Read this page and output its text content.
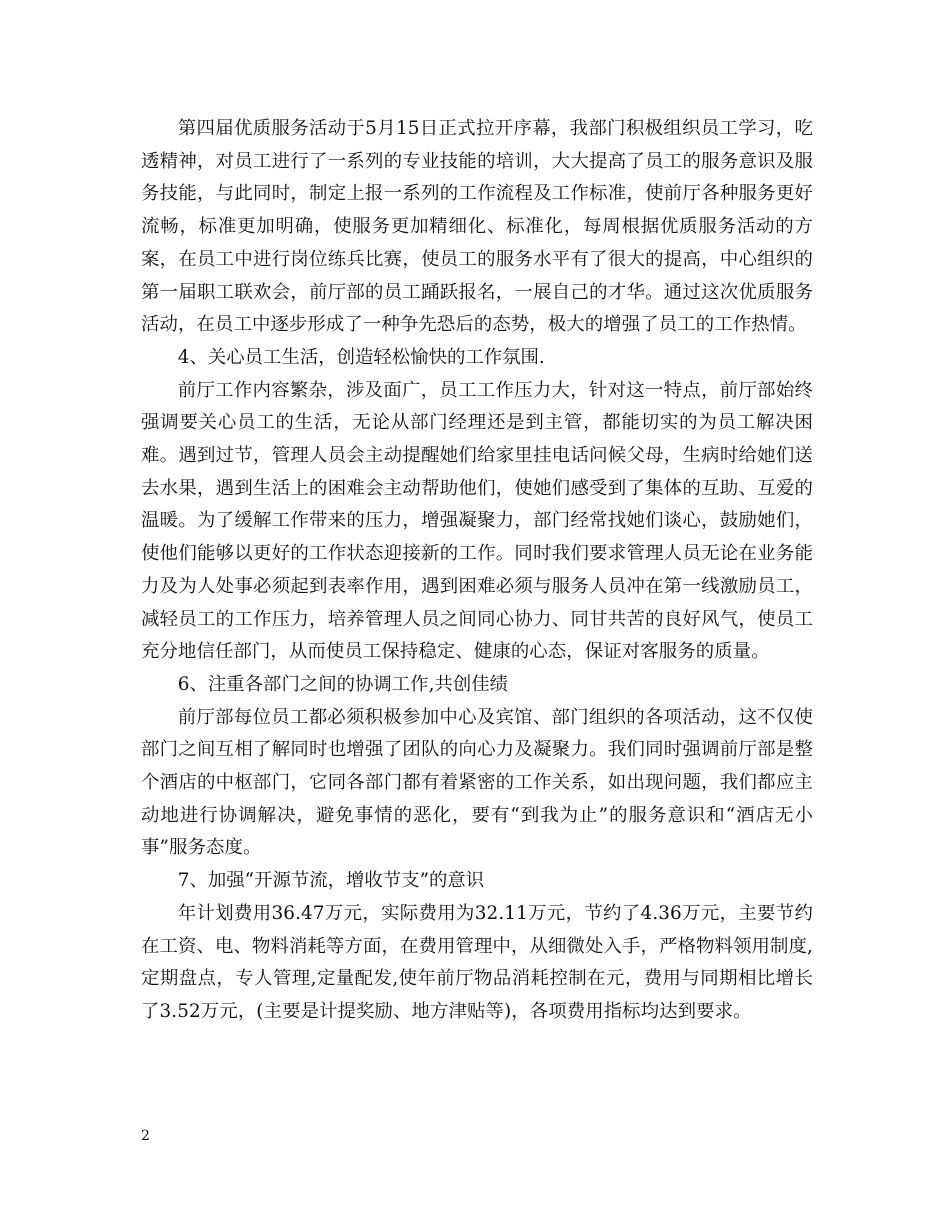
第四届优质服务活动于5月15日正式拉开序幕，我部门积极组织员工学习，吃透精神，对员工进行了一系列的专业技能的培训，大大提高了员工的服务意识及服务技能，与此同时，制定上报一系列的工作流程及工作标准，使前厅各种服务更好流畅，标准更加明确，使服务更加精细化、标准化，每周根据优质服务活动的方案，在员工中进行岗位练兵比赛，使员工的服务水平有了很大的提高，中心组织的第一届职工联欢会，前厅部的员工踊跃报名，一展自己的才华。通过这次优质服务活动，在员工中逐步形成了一种争先恐后的态势，极大的增强了员工的工作热情。

4、关心员工生活，创造轻松愉快的工作氛围.

前厅工作内容繁杂，涉及面广，员工工作压力大，针对这一特点，前厅部始终强调要关心员工的生活，无论从部门经理还是到主管，都能切实的为员工解决困难。遇到过节，管理人员会主动提醒她们给家里挂电话问候父母，生病时给她们送去水果，遇到生活上的困难会主动帮助他们，使她们感受到了集体的互助、互爱的温暖。为了缓解工作带来的压力，增强凝聚力，部门经常找她们谈心，鼓励她们，使他们能够以更好的工作状态迎接新的工作。同时我们要求管理人员无论在业务能力及为人处事必须起到表率作用，遇到困难必须与服务人员冲在第一线激励员工，减轻员工的工作压力，培养管理人员之间同心协力、同甘共苦的良好风气，使员工充分地信任部门，从而使员工保持稳定、健康的心态，保证对客服务的质量。

6、注重各部门之间的协调工作,共创佳绩

前厅部每位员工都必须积极参加中心及宾馆、部门组织的各项活动，这不仅使部门之间互相了解同时也增强了团队的向心力及凝聚力。我们同时强调前厅部是整个酒店的中枢部门，它同各部门都有着紧密的工作关系，如出现问题，我们都应主动地进行协调解决，避免事情的恶化，要有“到我为止”的服务意识和“酒店无小事”服务态度。

7、加强“开源节流，增收节支”的意识

年计划费用36.47万元，实际费用为32.11万元，节约了4.36万元，主要节约在工资、电、物料消耗等方面，在费用管理中，从细微处入手，严格物料领用制度,定期盘点，专人管理,定量配发,使年前厅物品消耗控制在元，费用与同期相比增长了3.52万元，(主要是计提奖励、地方津贴等)，各项费用指标均达到要求。

2
